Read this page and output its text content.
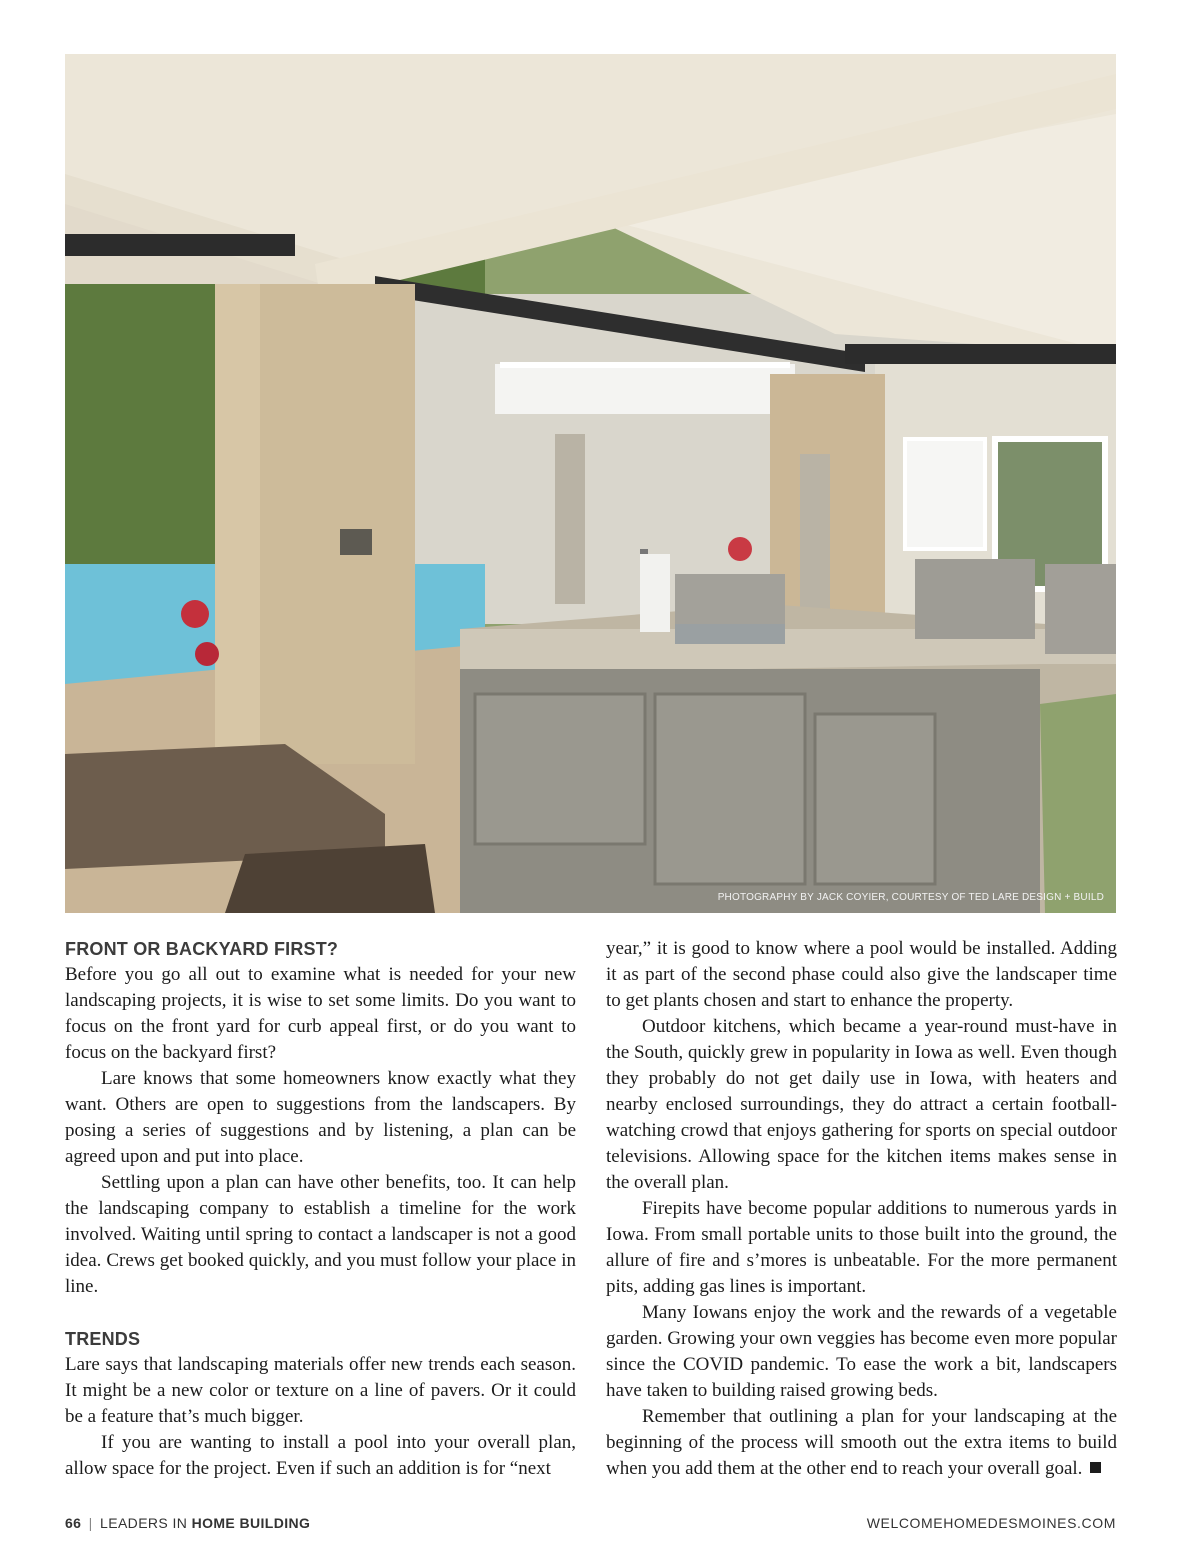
PHOTOGRAPHY BY JACK COYIER, COURTESY OF TED LARE DESIGN + BUILD
FRONT OR BACKYARD FIRST?

Before you go all out to examine what is needed for your new landscaping projects, it is wise to set some limits. Do you want to focus on the front yard for curb appeal first, or do you want to focus on the backyard first?

Lare knows that some homeowners know exactly what they want. Others are open to suggestions from the landscapers. By posing a series of suggestions and by listening, a plan can be agreed upon and put into place.

Settling upon a plan can have other benefits, too. It can help the landscaping company to establish a timeline for the work involved. Waiting until spring to contact a landscaper is not a good idea. Crews get booked quickly, and you must follow your place in line.

TRENDS

Lare says that landscaping materials offer new trends each season. It might be a new color or texture on a line of pavers. Or it could be a feature that’s much bigger.

If you are wanting to install a pool into your overall plan, allow space for the project. Even if such an addition is for “next

year,” it is good to know where a pool would be installed. Adding it as part of the second phase could also give the landscaper time to get plants chosen and start to enhance the property.

Outdoor kitchens, which became a year-round must-have in the South, quickly grew in popularity in Iowa as well. Even though they probably do not get daily use in Iowa, with heaters and nearby enclosed surroundings, they do attract a certain football-watching crowd that enjoys gathering for sports on special outdoor televisions. Allowing space for the kitchen items makes sense in the overall plan.

Firepits have become popular additions to numerous yards in Iowa. From small portable units to those built into the ground, the allure of fire and s’mores is unbeatable. For the more permanent pits, adding gas lines is important.

Many Iowans enjoy the work and the rewards of a vegetable garden. Growing your own veggies has become even more popular since the COVID pandemic. To ease the work a bit, landscapers have taken to building raised growing beds.

Remember that outlining a plan for your landscaping at the beginning of the process will smooth out the extra items to build when you add them at the other end to reach your overall goal.

66 | LEADERS IN HOME BUILDING	WELCOMEHOMEDESMOINES.COM
